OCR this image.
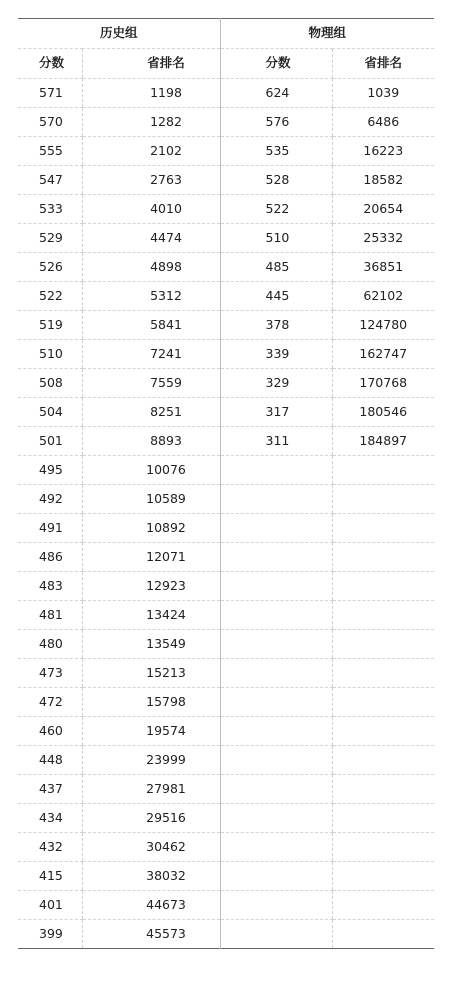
历史组		物理组	
分数	省排名	分数	省排名
571	1198	624	1039
570	1282	576	6486
555	2102	535	16223
547	2763	528	18582
533	4010	522	20654
529	4474	510	25332
526	4898	485	36851
522	5312	445	62102
519	5841	378	124780
510	7241	339	162747
508	7559	329	170768
504	8251	317	180546
501	8893	311	184897
495	10076		
492	10589		
491	10892		
486	12071		
483	12923		
481	13424		
480	13549		
473	15213		
472	15798		
460	19574		
448	23999		
437	27981		
434	29516		
432	30462		
415	38032		
401	44673		
399	45573		
